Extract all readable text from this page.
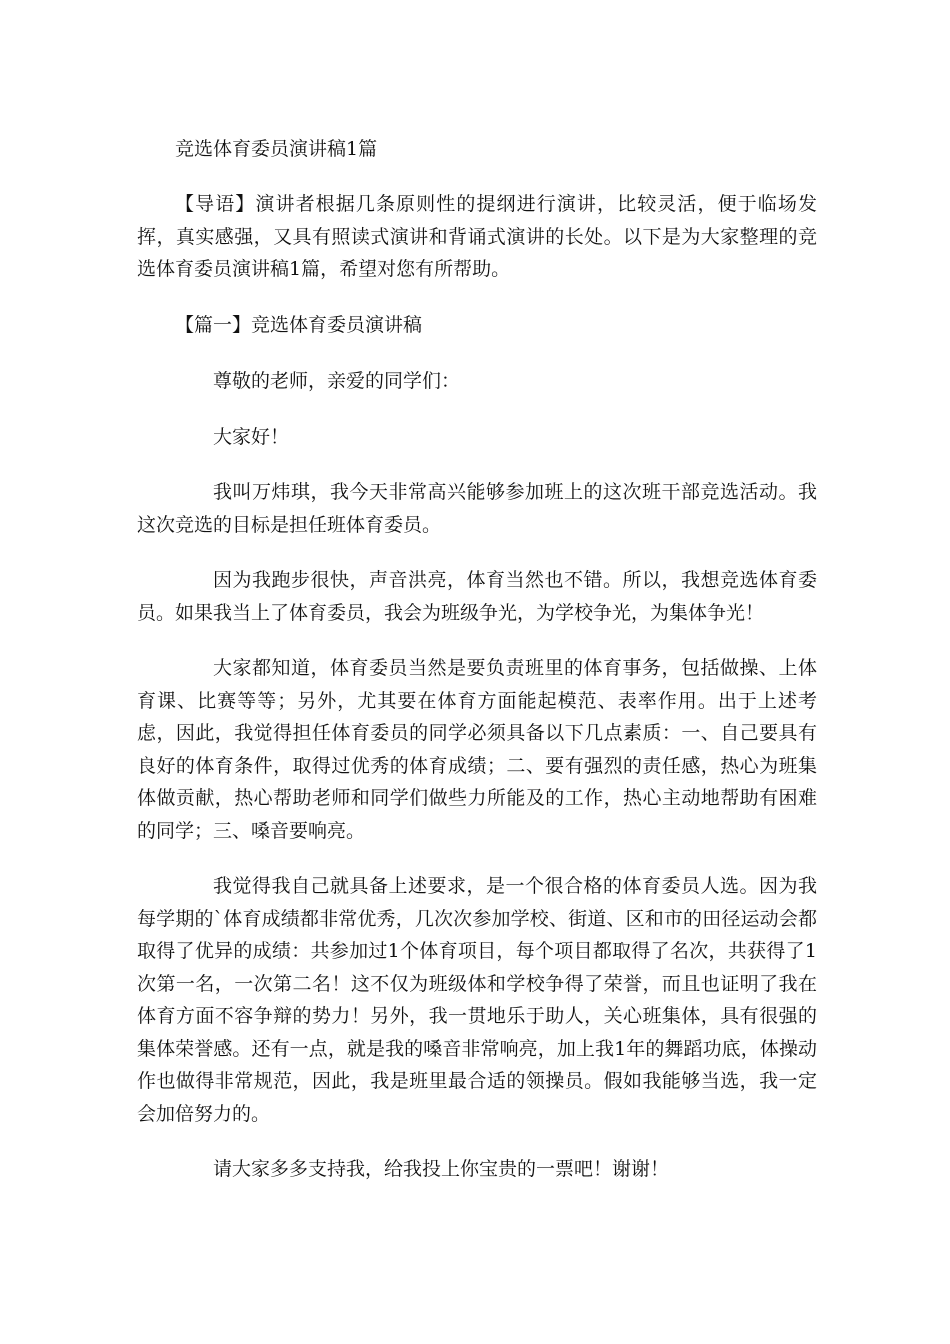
竞选体育委员演讲稿1篇

【导语】演讲者根据几条原则性的提纲进行演讲，比较灵活，便于临场发挥，真实感强，又具有照读式演讲和背诵式演讲的长处。以下是为大家整理的竞选体育委员演讲稿1篇，希望对您有所帮助。

【篇一】竞选体育委员演讲稿
尊敬的老师，亲爱的同学们：
大家好！

我叫万炜琪，我今天非常高兴能够参加班上的这次班干部竞选活动。我这次竞选的目标是担任班体育委员。

因为我跑步很快，声音洪亮，体育当然也不错。所以，我想竞选体育委员。如果我当上了体育委员，我会为班级争光，为学校争光，为集体争光！

大家都知道，体育委员当然是要负责班里的体育事务，包括做操、上体育课、比赛等等；另外，尤其要在体育方面能起模范、表率作用。出于上述考虑，因此，我觉得担任体育委员的同学必须具备以下几点素质：一、自己要具有良好的体育条件，取得过优秀的体育成绩；二、要有强烈的责任感，热心为班集体做贡献，热心帮助老师和同学们做些力所能及的工作，热心主动地帮助有困难的同学；三、嗓音要响亮。

我觉得我自己就具备上述要求，是一个很合格的体育委员人选。因为我每学期的`体育成绩都非常优秀，几次次参加学校、街道、区和市的田径运动会都取得了优异的成绩：共参加过1个体育项目，每个项目都取得了名次，共获得了1次第一名，一次第二名！这不仅为班级体和学校争得了荣誉，而且也证明了我在体育方面不容争辩的势力！另外，我一贯地乐于助人，关心班集体，具有很强的集体荣誉感。还有一点，就是我的嗓音非常响亮，加上我1年的舞蹈功底，体操动作也做得非常规范，因此，我是班里最合适的领操员。假如我能够当选，我一定会加倍努力的。

请大家多多支持我，给我投上你宝贵的一票吧！谢谢！
